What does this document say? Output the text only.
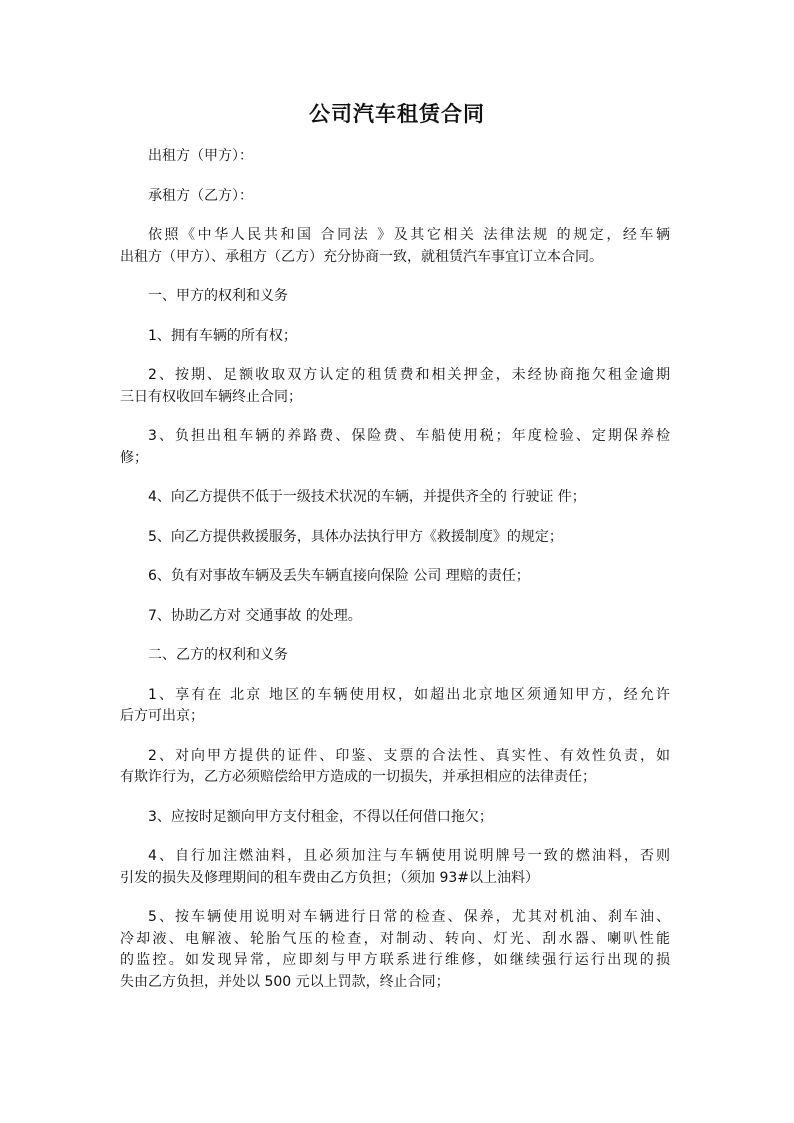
公司汽车租赁合同
出租方（甲方）：
承租方（乙方）：
依照《中华人民共和国 合同法 》及其它相关 法律法规 的规定，经车辆
出租方（甲方）、承租方（乙方）充分协商一致，就租赁汽车事宜订立本合同。
一、甲方的权利和义务
1、拥有车辆的所有权；
2、按期、足额收取双方认定的租赁费和相关押金，未经协商拖欠租金逾期
三日有权收回车辆终止合同；
3、负担出租车辆的养路费、保险费、车船使用税；年度检验、定期保养检
修；
4、向乙方提供不低于一级技术状况的车辆，并提供齐全的 行驶证 件；
5、向乙方提供救援服务，具体办法执行甲方《救援制度》的规定；
6、负有对事故车辆及丢失车辆直接向保险 公司 理赔的责任；
7、协助乙方对 交通事故 的处理。
二、乙方的权利和义务
1、享有在 北京 地区的车辆使用权，如超出北京地区须通知甲方，经允许
后方可出京；
2、对向甲方提供的证件、印鉴、支票的合法性、真实性、有效性负责，如
有欺诈行为，乙方必须赔偿给甲方造成的一切损失，并承担相应的法律责任；
3、应按时足额向甲方支付租金，不得以任何借口拖欠；
4、自行加注燃油料，且必须加注与车辆使用说明牌号一致的燃油料，否则
引发的损失及修理期间的租车费由乙方负担；（须加 93#以上油料）
5、按车辆使用说明对车辆进行日常的检查、保养，尤其对机油、刹车油、
冷却液、电解液、轮胎气压的检查，对制动、转向、灯光、刮水器、喇叭性能
的监控。如发现异常，应即刻与甲方联系进行维修，如继续强行运行出现的损
失由乙方负担，并处以 500 元以上罚款，终止合同；
